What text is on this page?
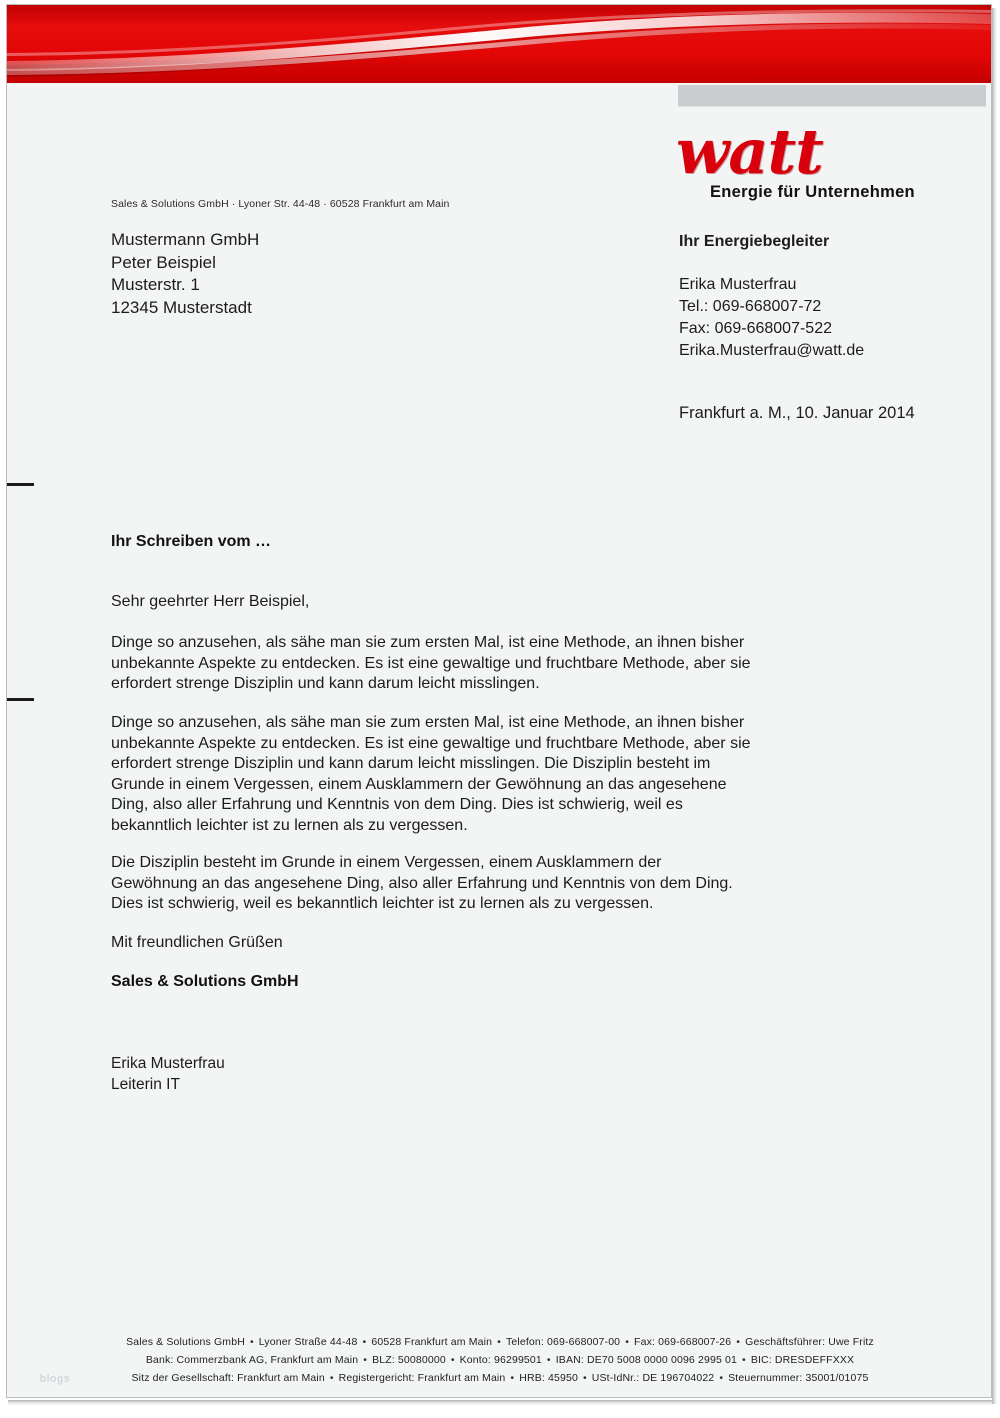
watt
Energie für Unternehmen
Sales & Solutions GmbH · Lyoner Str. 44-48 · 60528 Frankfurt am Main
Mustermann GmbH
Peter Beispiel
Musterstr. 1
12345 Musterstadt
Ihr Energiebegleiter
Erika Musterfrau
Tel.: 069-668007-72
Fax: 069-668007-522
Erika.Musterfrau@watt.de
Frankfurt a. M., 10. Januar 2014
Ihr Schreiben vom …
Sehr geehrter Herr Beispiel,
Dinge so anzusehen, als sähe man sie zum ersten Mal, ist eine Methode, an ihnen bisher unbekannte Aspekte zu entdecken. Es ist eine gewaltige und fruchtbare Methode, aber sie erfordert strenge Disziplin und kann darum leicht misslingen.
Dinge so anzusehen, als sähe man sie zum ersten Mal, ist eine Methode, an ihnen bisher unbekannte Aspekte zu entdecken. Es ist eine gewaltige und fruchtbare Methode, aber sie erfordert strenge Disziplin und kann darum leicht misslingen. Die Disziplin besteht im Grunde in einem Vergessen, einem Ausklammern der Gewöhnung an das angesehene Ding, also aller Erfahrung und Kenntnis von dem Ding. Dies ist schwierig, weil es bekanntlich leichter ist zu lernen als zu vergessen.
Die Disziplin besteht im Grunde in einem Vergessen, einem Ausklammern der Gewöhnung an das angesehene Ding, also aller Erfahrung und Kenntnis von dem Ding. Dies ist schwierig, weil es bekanntlich leichter ist zu lernen als zu vergessen.
Mit freundlichen Grüßen
Sales & Solutions GmbH
Erika Musterfrau
Leiterin IT
Sales & Solutions GmbH • Lyoner Straße 44-48 • 60528 Frankfurt am Main • Telefon: 069-668007-00 • Fax: 069-668007-26 • Geschäftsführer: Uwe Fritz
Bank: Commerzbank AG, Frankfurt am Main • BLZ: 50080000 • Konto: 96299501 • IBAN: DE70 5008 0000 0096 2995 01 • BIC: DRESDEFFXXX
Sitz der Gesellschaft: Frankfurt am Main • Registergericht: Frankfurt am Main • HRB: 45950 • USt-IdNr.: DE 196704022 • Steuernummer: 35001/01075
blogs
